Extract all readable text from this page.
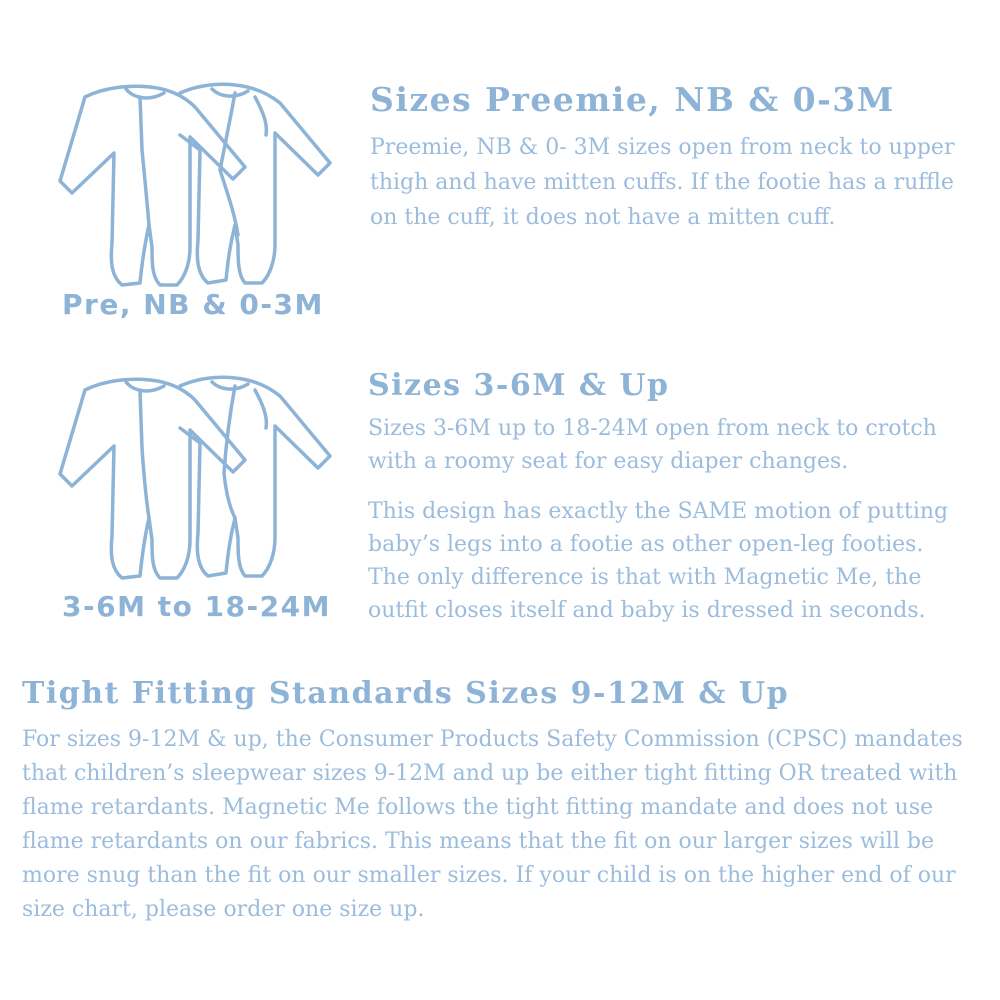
Pre, NB & 0-3M
Sizes Preemie, NB & 0-3M

Preemie, NB & 0- 3M sizes open from neck to upper thigh and have mitten cuffs. If the footie has a ruffle on the cuff, it does not have a mitten cuff.

3-6M to 18-24M
Sizes 3-6M & Up

Sizes 3-6M up to 18-24M open from neck to crotch with a roomy seat for easy diaper changes.

This design has exactly the SAME motion of putting baby’s legs into a footie as other open-leg footies. The only difference is that with Magnetic Me, the outfit closes itself and baby is dressed in seconds.

Tight Fitting Standards Sizes 9-12M & Up

For sizes 9-12M & up, the Consumer Products Safety Commission (CPSC) mandates that children’s sleepwear sizes 9-12M and up be either tight fitting OR treated with flame retardants. Magnetic Me follows the tight fitting mandate and does not use flame retardants on our fabrics. This means that the fit on our larger sizes will be more snug than the fit on our smaller sizes. If your child is on the higher end of our size chart, please order one size up.
